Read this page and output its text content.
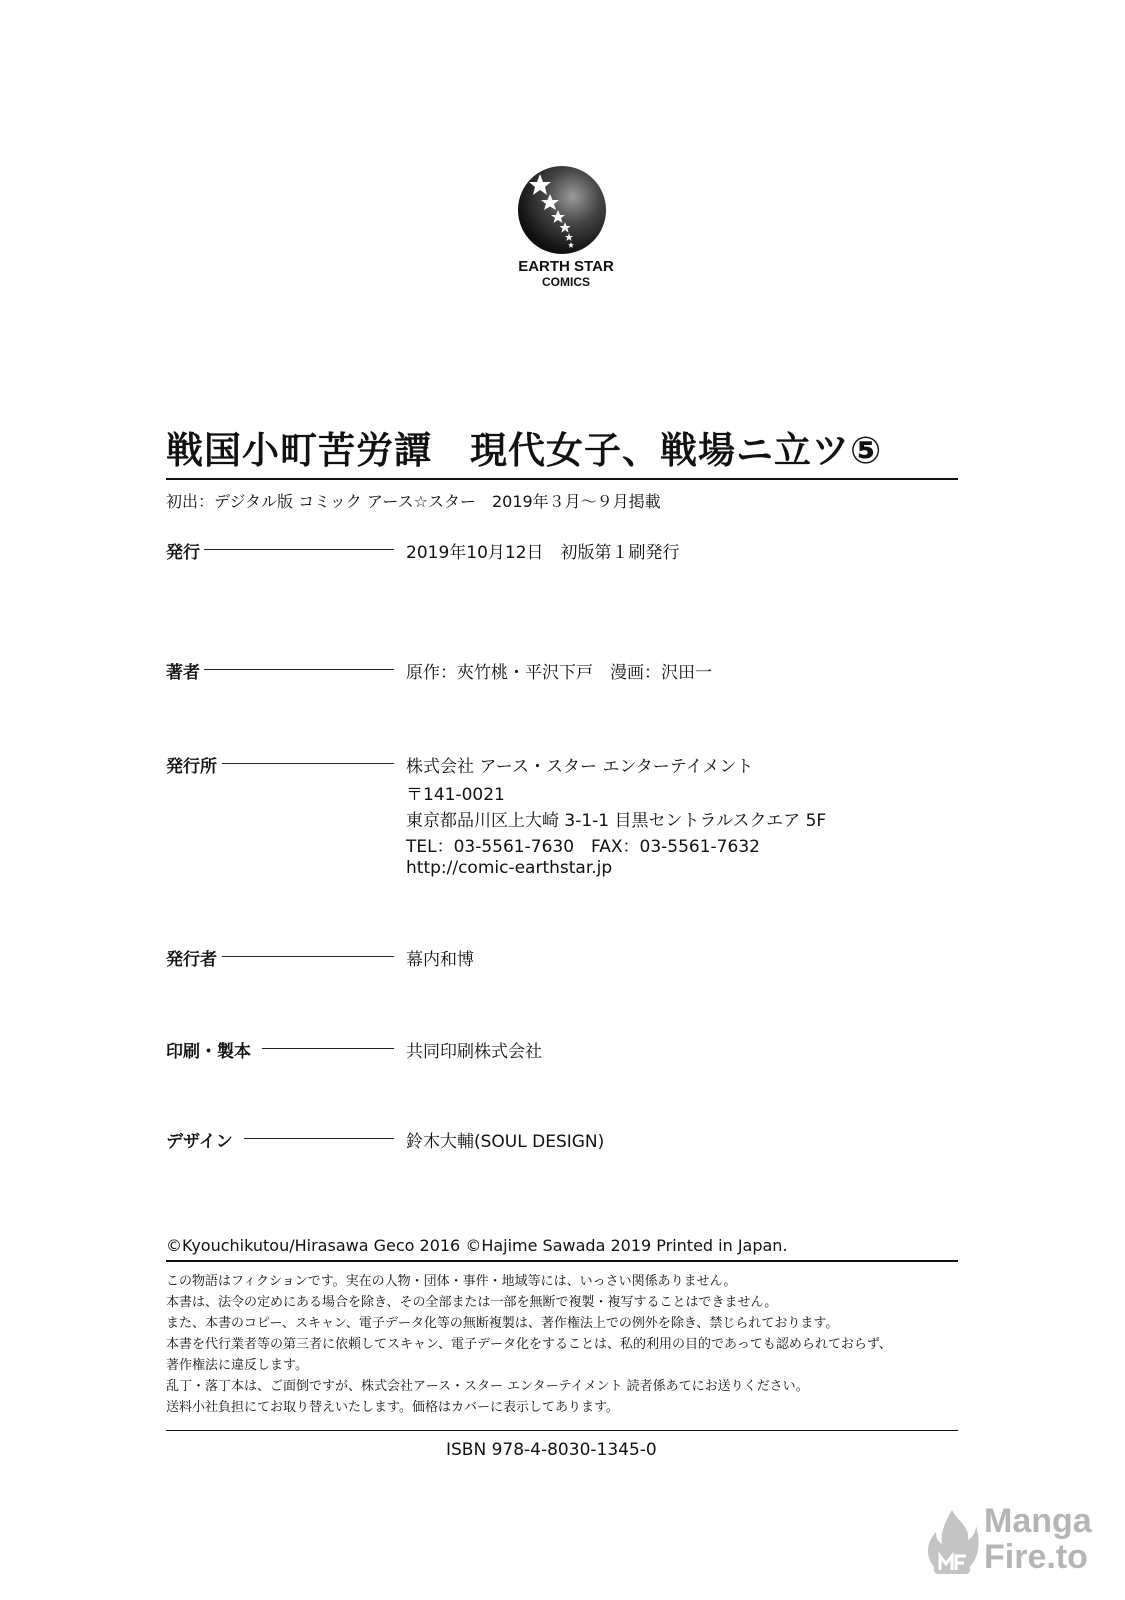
EARTH STAR
COMICS
戦国小町苦労譚　現代女子、戦場ニ立ツ⑤
初出：デジタル版 コミック アース☆スター　2019年３月～９月掲載
発行	2019年10月12日　初版第１刷発行
著者	原作：夾竹桃・平沢下戸　漫画：沢田一
発行所	株式会社 アース・スター エンターテイメント
〒141-0021
東京都品川区上大崎 3-1-1 目黒セントラルスクエア 5F
TEL：03-5561-7630　FAX：03-5561-7632
http://comic-earthstar.jp
発行者	幕内和博
印刷・製本	共同印刷株式会社
デザイン	鈴木大輔(SOUL DESIGN)
©Kyouchikutou/Hirasawa Geco 2016 ©Hajime Sawada 2019 Printed in Japan.
この物語はフィクションです。実在の人物・団体・事件・地域等には、いっさい関係ありません。
本書は、法令の定めにある場合を除き、その全部または一部を無断で複製・複写することはできません。
また、本書のコピー、スキャン、電子データ化等の無断複製は、著作権法上での例外を除き、禁じられております。
本書を代行業者等の第三者に依頼してスキャン、電子データ化をすることは、私的利用の目的であっても認められておらず、
著作権法に違反します。
乱丁・落丁本は、ご面倒ですが、株式会社アース・スター エンターテイメント 読者係あてにお送りください。
送料小社負担にてお取り替えいたします。価格はカバーに表示してあります。
ISBN 978-4-8030-1345-0
Manga
Fire.to
